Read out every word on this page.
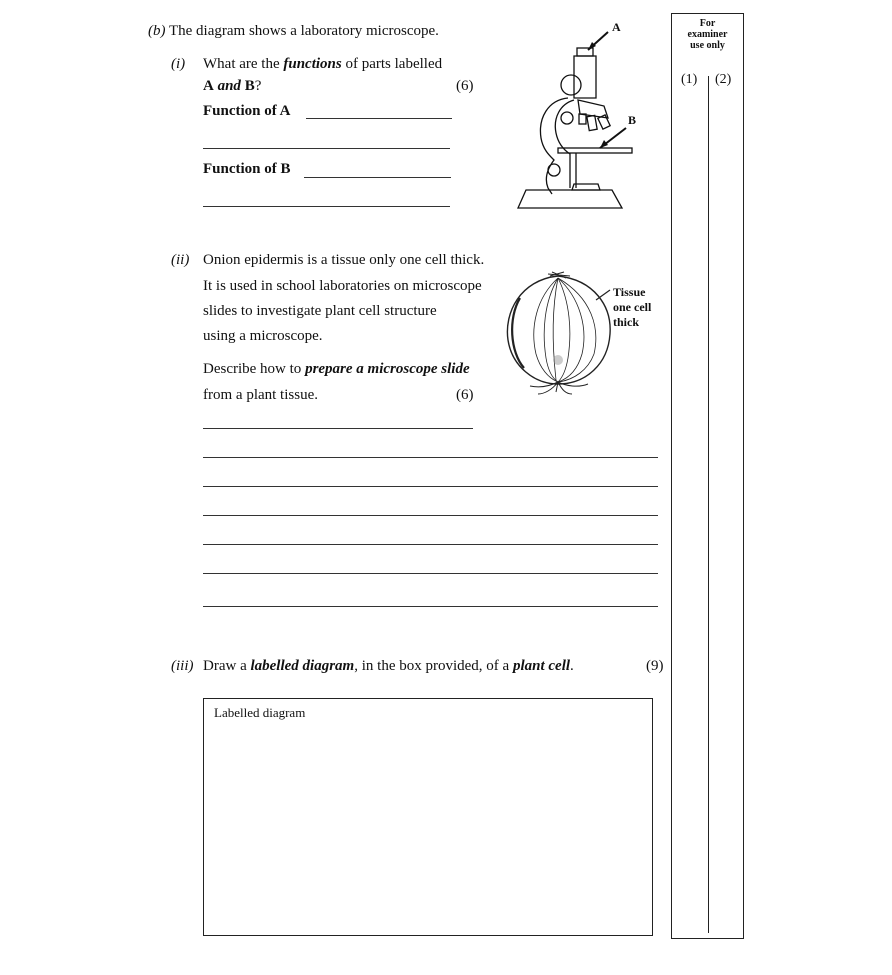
(b) The diagram shows a laboratory microscope.
(i) What are the functions of parts labelled
A and B?	(6)
Function of A
Function of B
A
B
(ii) Onion epidermis is a tissue only one cell thick.
It is used in school laboratories on microscope
slides to investigate plant cell structure
using a microscope.
Describe how to prepare a microscope slide
from a plant tissue.	(6)
Tissue
one cell
thick
(iii) Draw a labelled diagram, in the box provided, of a plant cell.	(9)
Labelled diagram
For
examiner
use only
(1) (2)
